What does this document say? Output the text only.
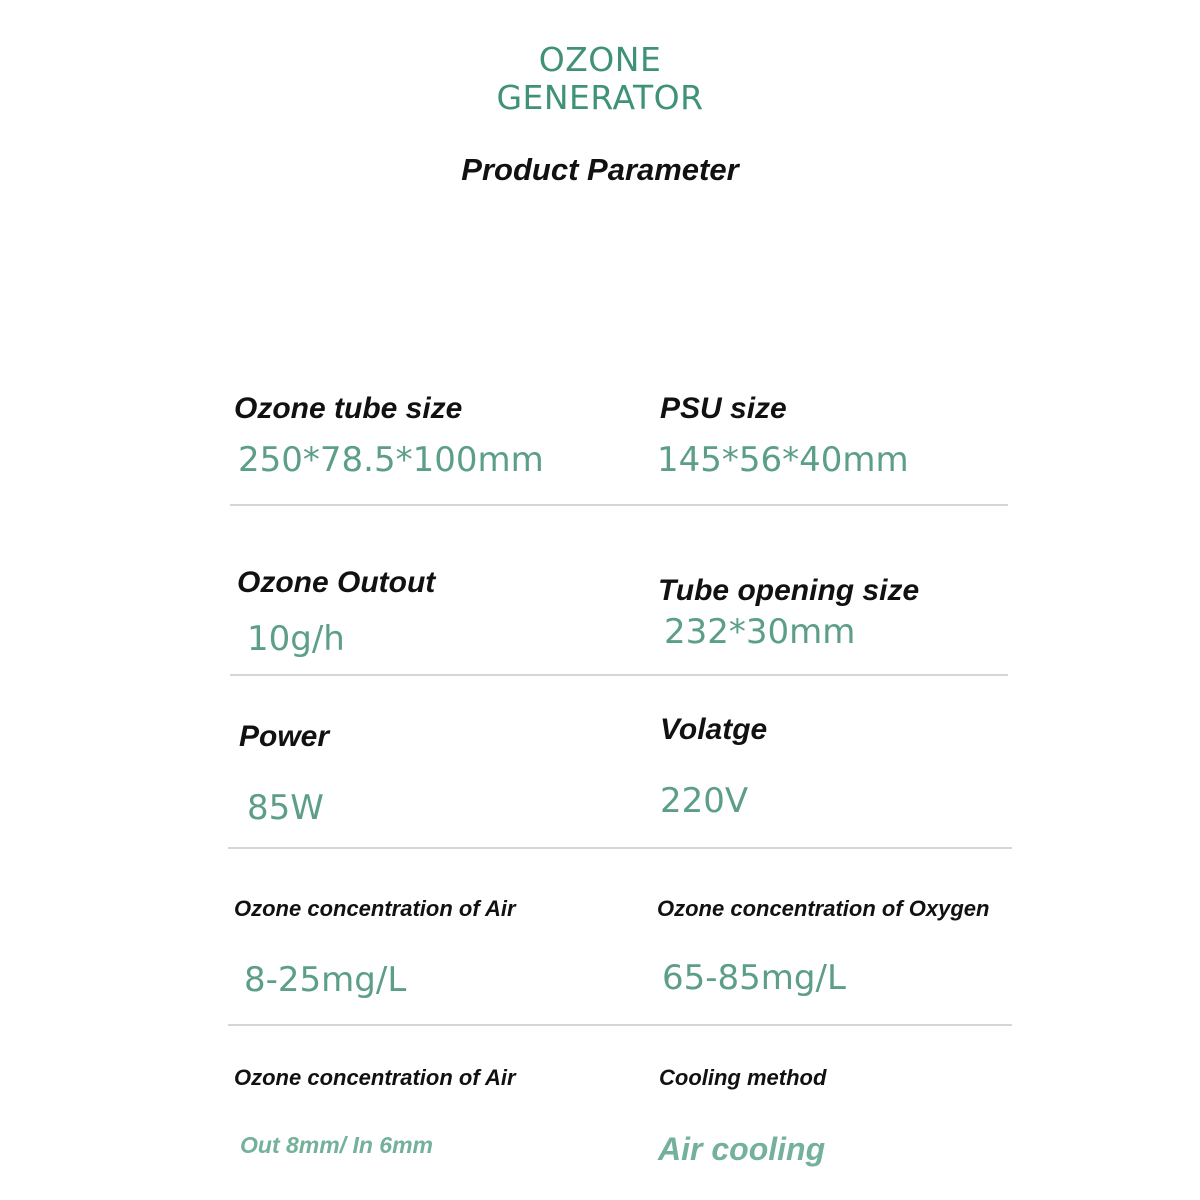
OZONE
GENERATOR
Product Parameter
Ozone tube size
250*78.5*100mm
PSU size
145*56*40mm
Ozone Outout
10g/h
Tube opening size
232*30mm
Power
85W
Volatge
220V
Ozone concentration of Air
8-25mg/L
Ozone concentration of Oxygen
65-85mg/L
Ozone concentration of Air
Out 8mm/ In 6mm
Cooling method
Air cooling
